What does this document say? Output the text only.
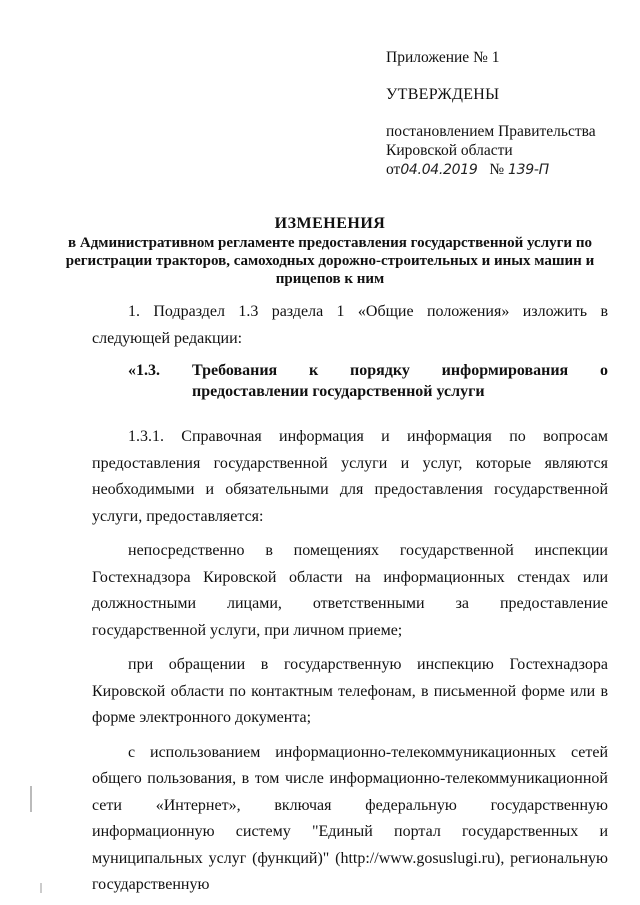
Приложение № 1
УТВЕРЖДЕНЫ
постановлением Правительства
Кировской области
от04.04.2019 № 139-П
ИЗМЕНЕНИЯ
в Административном регламенте предоставления государственной услуги по регистрации тракторов, самоходных дорожно-строительных и иных машин и прицепов к ним

1. Подраздел 1.3 раздела 1 «Общие положения» изложить в следующей редакции:

«1.3.	Требования к порядку информирования о предоставлении государственной услуги

1.3.1. Справочная информация и информация по вопросам предоставления государственной услуги и услуг, которые являются необходимыми и обязательными для предоставления государственной услуги, предоставляется:

непосредственно в помещениях государственной инспекции Гостехнадзора Кировской области на информационных стендах или должностными лицами, ответственными за предоставление государственной услуги, при личном приеме;

при обращении в государственную инспекцию Гостехнадзора Кировской области по контактным телефонам, в письменной форме или в форме электронного документа;

с использованием информационно-телекоммуникационных сетей общего пользования, в том числе информационно-телекоммуникационной сети «Интернет», включая федеральную государственную информационную систему "Единый портал государственных и муниципальных услуг (функций)" (http://www.gosuslugi.ru), региональную государственную
